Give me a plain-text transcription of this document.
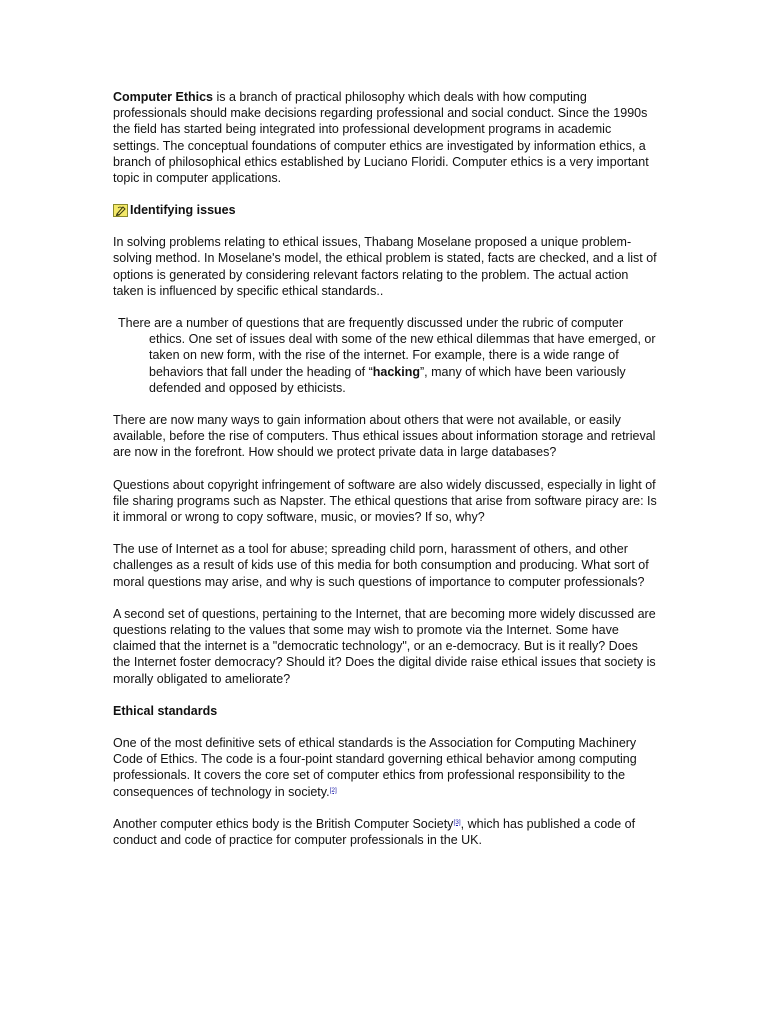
Computer Ethics is a branch of practical philosophy which deals with how computing professionals should make decisions regarding professional and social conduct. Since the 1990s the field has started being integrated into professional development programs in academic settings. The conceptual foundations of computer ethics are investigated by information ethics, a branch of philosophical ethics established by Luciano Floridi. Computer ethics is a very important topic in computer applications.

Identifying issues

In solving problems relating to ethical issues, Thabang Moselane proposed a unique problem-solving method. In Moselane's model, the ethical problem is stated, facts are checked, and a list of options is generated by considering relevant factors relating to the problem. The actual action taken is influenced by specific ethical standards..

There are a number of questions that are frequently discussed under the rubric of computer ethics. One set of issues deal with some of the new ethical dilemmas that have emerged, or taken on new form, with the rise of the internet. For example, there is a wide range of behaviors that fall under the heading of “hacking”, many of which have been variously defended and opposed by ethicists.

There are now many ways to gain information about others that were not available, or easily available, before the rise of computers. Thus ethical issues about information storage and retrieval are now in the forefront. How should we protect private data in large databases?

Questions about copyright infringement of software are also widely discussed, especially in light of file sharing programs such as Napster. The ethical questions that arise from software piracy are: Is it immoral or wrong to copy software, music, or movies? If so, why?

The use of Internet as a tool for abuse; spreading child porn, harassment of others, and other challenges as a result of kids use of this media for both consumption and producing. What sort of moral questions may arise, and why is such questions of importance to computer professionals?

A second set of questions, pertaining to the Internet, that are becoming more widely discussed are questions relating to the values that some may wish to promote via the Internet. Some have claimed that the internet is a "democratic technology", or an e-democracy. But is it really? Does the Internet foster democracy? Should it? Does the digital divide raise ethical issues that society is morally obligated to ameliorate?

Ethical standards

One of the most definitive sets of ethical standards is the Association for Computing Machinery Code of Ethics. The code is a four-point standard governing ethical behavior among computing professionals. It covers the core set of computer ethics from professional responsibility to the consequences of technology in society.[2]

Another computer ethics body is the British Computer Society[3], which has published a code of conduct and code of practice for computer professionals in the UK.
